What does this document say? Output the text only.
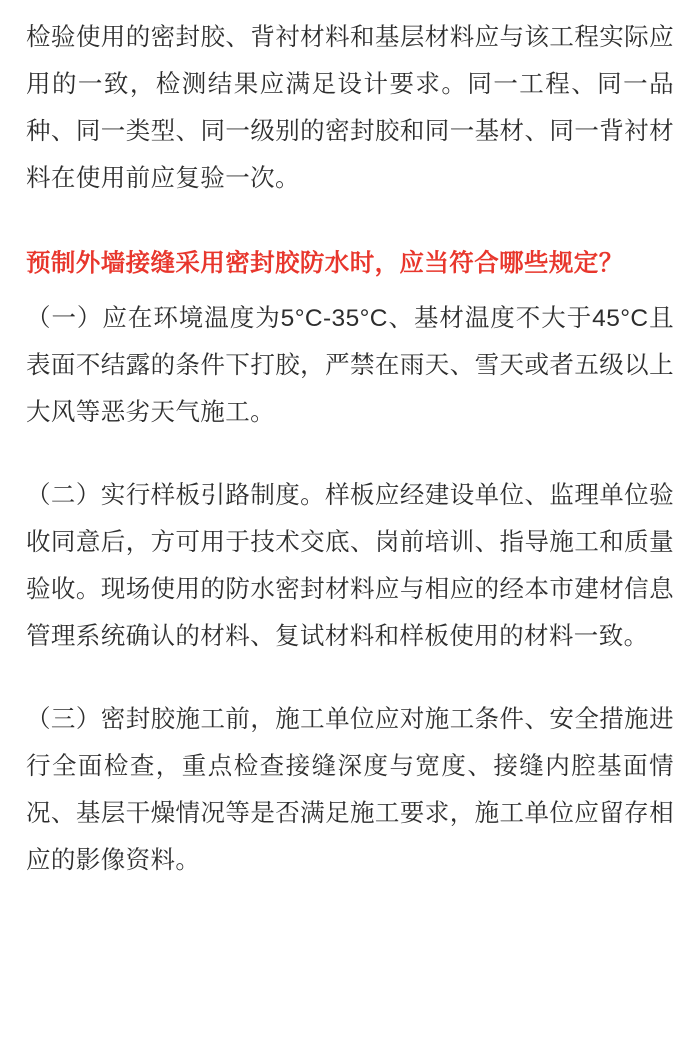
检验使用的密封胶、背衬材料和基层材料应与该工程实际应用的一致，检测结果应满足设计要求。同一工程、同一品种、同一类型、同一级别的密封胶和同一基材、同一背衬材料在使用前应复验一次。

预制外墙接缝采用密封胶防水时，应当符合哪些规定？

（一）应在环境温度为5°C-35°C、基材温度不大于45°C且表面不结露的条件下打胶，严禁在雨天、雪天或者五级以上大风等恶劣天气施工。

（二）实行样板引路制度。样板应经建设单位、监理单位验收同意后，方可用于技术交底、岗前培训、指导施工和质量验收。现场使用的防水密封材料应与相应的经本市建材信息管理系统确认的材料、复试材料和样板使用的材料一致。

（三）密封胶施工前，施工单位应对施工条件、安全措施进行全面检查，重点检查接缝深度与宽度、接缝内腔基面情况、基层干燥情况等是否满足施工要求，施工单位应留存相应的影像资料。
